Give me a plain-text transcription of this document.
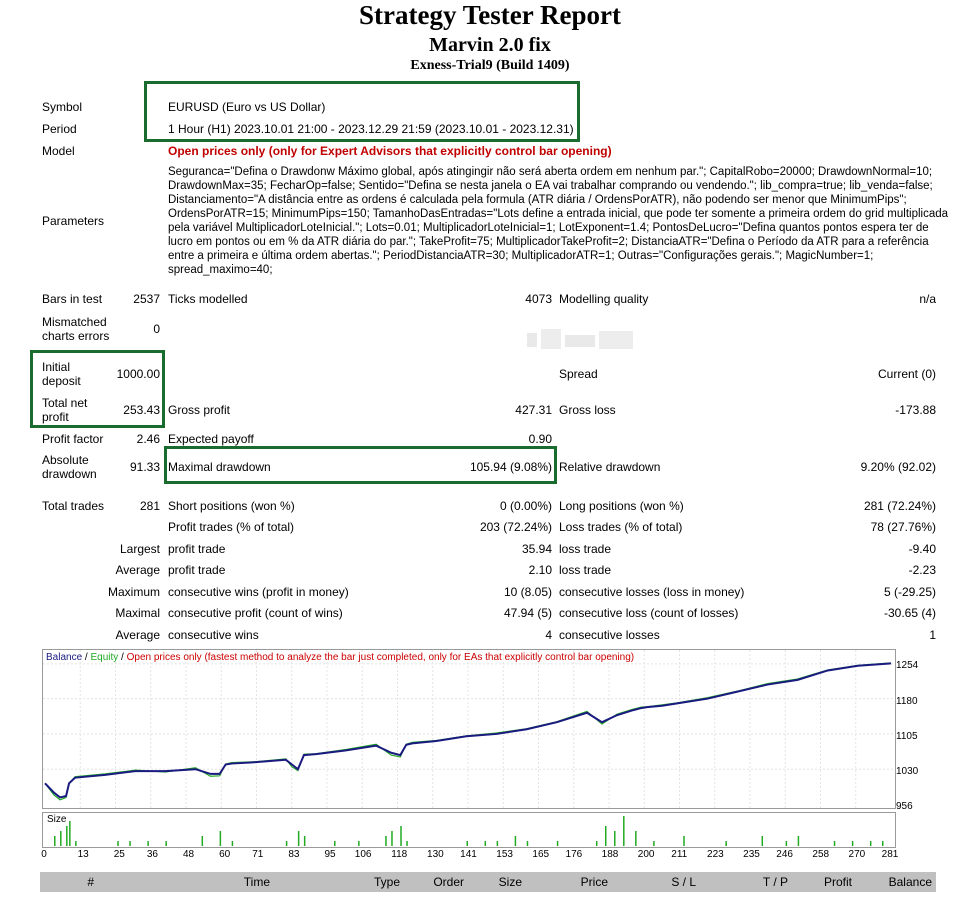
Strategy Tester Report
Marvin 2.0 fix
Exness-Trial9 (Build 1409)
Symbol	EURUSD (Euro vs US Dollar)
Period	1 Hour (H1) 2023.10.01 21:00 - 2023.12.29 21:59 (2023.10.01 - 2023.12.31)
Model	Open prices only (only for Expert Advisors that explicitly control bar opening)
Parameters
Seguranca="Defina o Drawdonw Máximo global, após atingingir não será aberta ordem em nenhum par."; CapitalRobo=20000; DrawdownNormal=10; DrawdownMax=35; FecharOp=false; Sentido="Defina se nesta janela o EA vai trabalhar comprando ou vendendo."; lib_compra=true; lib_venda=false; Distanciamento="A distância entre as ordens é calculada pela formula (ATR diária / OrdensPorATR), não podendo ser menor que MinimumPips"; OrdensPorATR=15; MinimumPips=150; TamanhoDasEntradas="Lots define a entrada inicial, que pode ter somente a primeira ordem do grid multiplicada pela variável MultiplicadorLoteInicial."; Lots=0.01; MultiplicadorLoteInicial=1; LotExponent=1.4; PontosDeLucro="Defina quantos pontos espera ter de lucro em pontos ou em % da ATR diária do par."; TakeProfit=75; MultiplicadorTakeProfit=2; DistanciaATR="Defina o Período da ATR para a referência entre a primeira e última ordem abertas."; PeriodDistanciaATR=30; MultiplicadorATR=1; Outras="Configurações gerais."; MagicNumber=1; spread_maximo=40;
Bars in test	2537 Ticks modelled	4073 Modelling quality	n/a
Mismatched charts errors	0
Initial deposit	1000.00	Spread	Current (0)
Total net profit	253.43 Gross profit	427.31 Gross loss	-173.88
Profit factor	2.46 Expected payoff	0.90
Absolute drawdown	91.33 Maximal drawdown	105.94 (9.08%) Relative drawdown	9.20% (92.02)
Total trades	281 Short positions (won %)	0 (0.00%) Long positions (won %)	281 (72.24%)
Profit trades (% of total)	203 (72.24%) Loss trades (% of total)	78 (27.76%)
Largest profit trade	35.94 loss trade	-9.40
Average profit trade	2.10 loss trade	-2.23
Maximum consecutive wins (profit in money)	10 (8.05) consecutive losses (loss in money)	5 (-29.25)
Maximal consecutive profit (count of wins)	47.94 (5) consecutive loss (count of losses)	-30.65 (4)
Average consecutive wins	4 consecutive losses	1
Balance / Equity / Open prices only (fastest method to analyze the bar just completed, only for EAs that explicitly control bar opening)
1254
1180
1105
1030
956
Size
0	13	25	36	48	60	71	83	95	106	118	130	141	153	165	176	188	200	211	223	235	246	258	270	281
#	Time	Type	Order	Size	Price	S / L	T / P	Profit	Balance
